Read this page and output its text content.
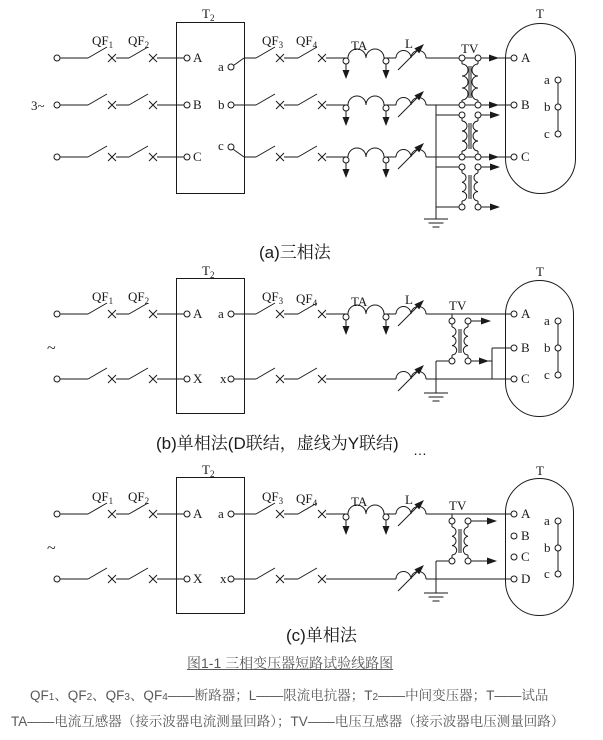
$T_2$	T
$QF_1$ $QF_2$	$QF_3$ $QF_4$	TA	L	TV
3~
A
B
C
a
b
c
A
B
C
a
b
c
$T_2$	T
$QF_1$ $QF_2$	$QF_3$ $QF_4$	TA	L	TV
~
A
X
a
x
A
B
C
a
b
c
$T_2$	T
$QF_1$ $QF_2$	$QF_3$ $QF_4$	TA	L	TV
~
A
X
a
x
A
B
C
D
a
b
c
(a)三相法
(b)单相法(D联结，虚线为Y联结) …
(c)单相法
图1-1 三相变压器短路试验线路图
QF1、QF2、QF3、QF4——断路器；L——限流电抗器；T2——中间变压器；T——试品
TA——电流互感器（接示波器电流测量回路）；TV——电压互感器（接示波器电压测量回路）
